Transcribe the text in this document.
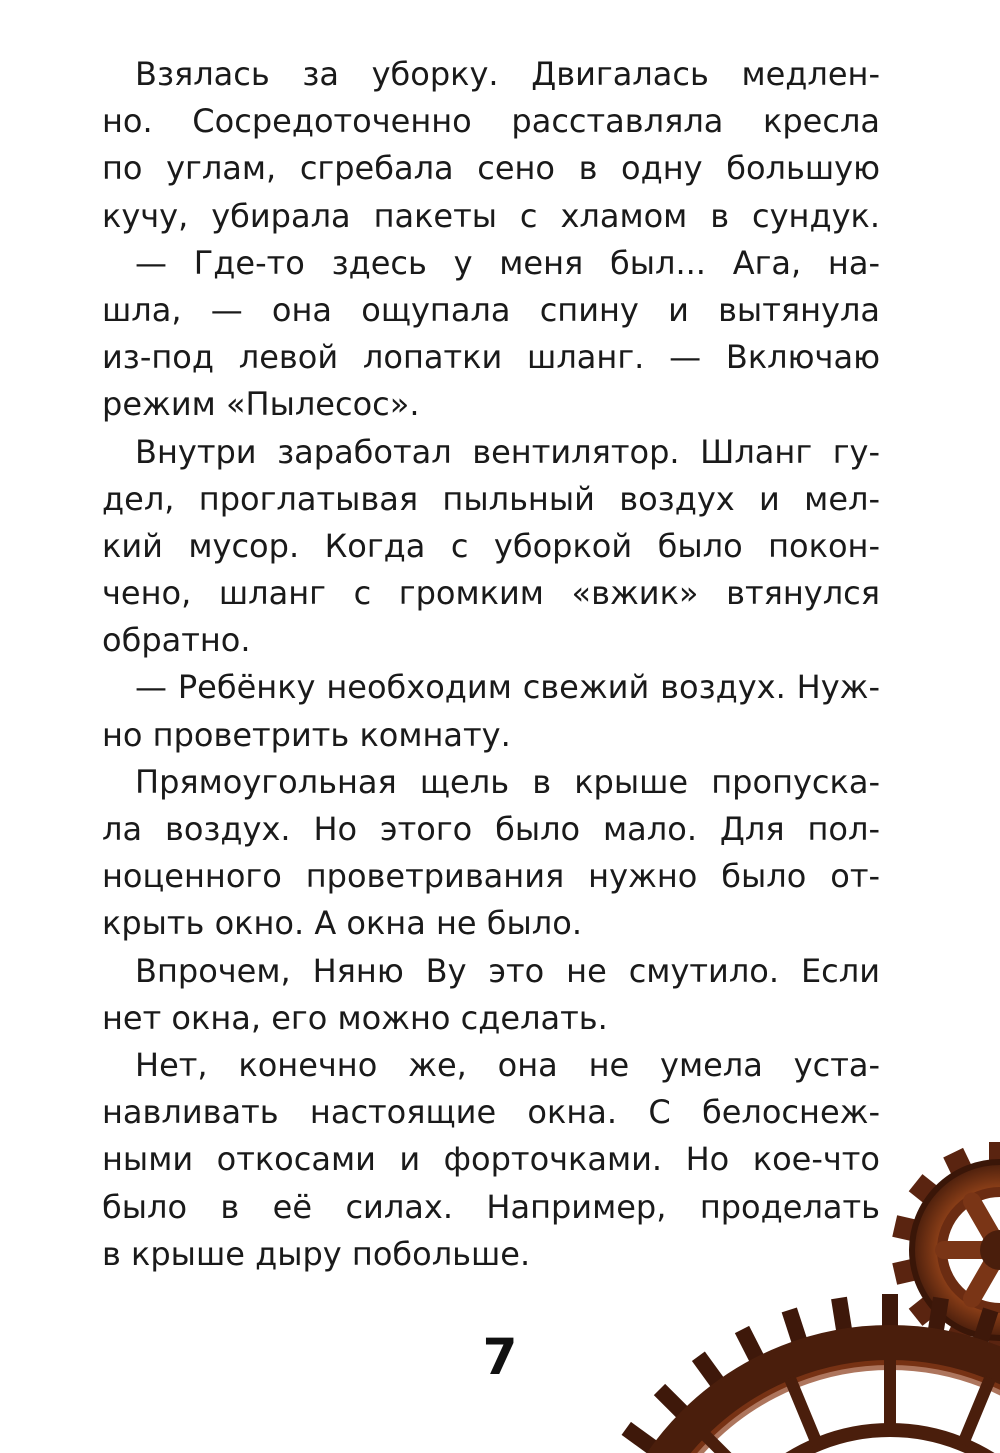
Взялась за уборку. Двигалась медлен-
но. Сосредоточенно расставляла кресла
по углам, сгребала сено в одну большую
кучу, убирала пакеты с хламом в сундук.
— Где-то здесь у меня был... Ага, на-
шла, — она ощупала спину и вытянула
из-под левой лопатки шланг. — Включаю
режим «Пылесос».
Внутри заработал вентилятор. Шланг гу-
дел, проглатывая пыльный воздух и мел-
кий мусор. Когда с уборкой было покон-
чено, шланг с громким «вжик» втянулся
обратно.
— Ребёнку необходим свежий воздух. Нуж-
но проветрить комнату.
Прямоугольная щель в крыше пропуска-
ла воздух. Но этого было мало. Для пол-
ноценного проветривания нужно было от-
крыть окно. А окна не было.
Впрочем, Няню Ву это не смутило. Если
нет окна, его можно сделать.
Нет, конечно же, она не умела уста-
навливать настоящие окна. С белоснеж-
ными откосами и форточками. Но кое-что
было в её силах. Например, проделать
в крыше дыру побольше.
7
